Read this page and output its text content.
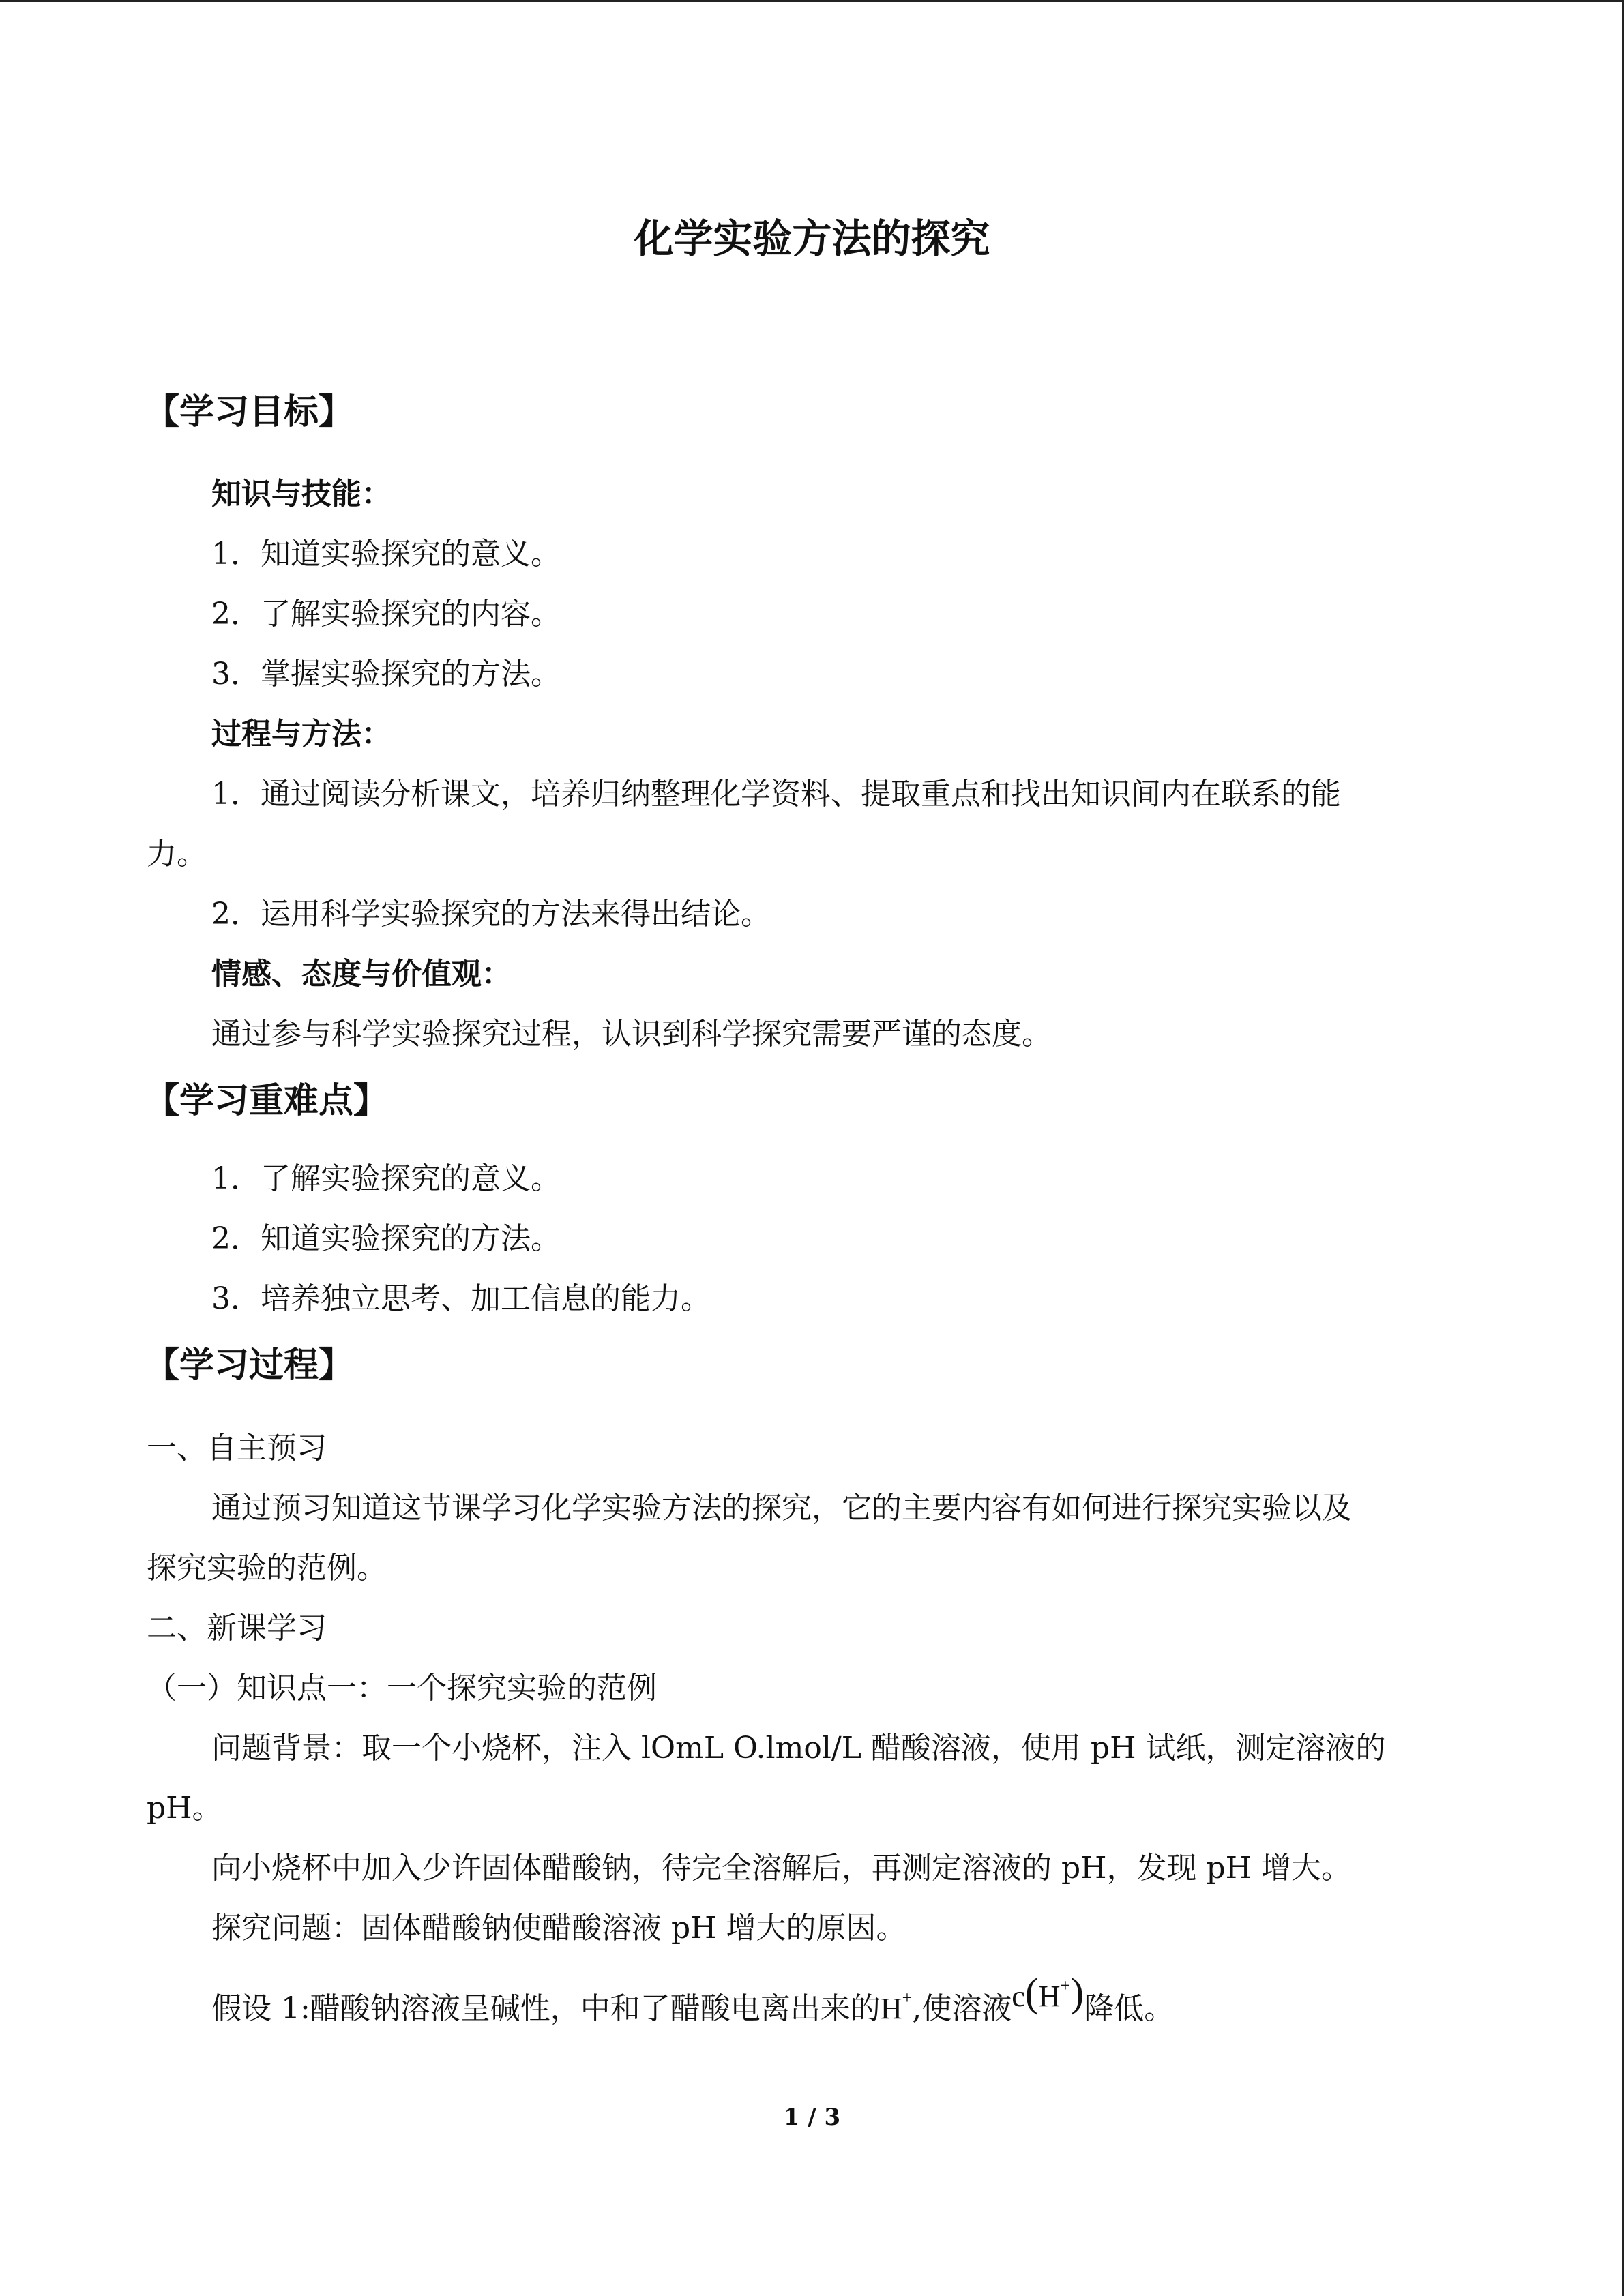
化学实验方法的探究
【学习目标】
知识与技能：
1．知道实验探究的意义。
2．了解实验探究的内容。
3．掌握实验探究的方法。
过程与方法：
1．通过阅读分析课文，培养归纳整理化学资料、提取重点和找出知识间内在联系的能
力。
2．运用科学实验探究的方法来得出结论。
情感、态度与价值观：
通过参与科学实验探究过程，认识到科学探究需要严谨的态度。
【学习重难点】
1．了解实验探究的意义。
2．知道实验探究的方法。
3．培养独立思考、加工信息的能力。
【学习过程】
一、自主预习
通过预习知道这节课学习化学实验方法的探究，它的主要内容有如何进行探究实验以及
探究实验的范例。
二、新课学习
（一）知识点一：一个探究实验的范例
问题背景：取一个小烧杯，注入 lOmL O.lmol/L 醋酸溶液，使用 pH 试纸，测定溶液的
pH。
向小烧杯中加入少许固体醋酸钠，待完全溶解后，再测定溶液的 pH，发现 pH 增大。
探究问题：固体醋酸钠使醋酸溶液 pH 增大的原因。
假设 1:醋酸钠溶液呈碱性，中和了醋酸电离出来的H+,使溶液c(H+)降低。
1 / 3
